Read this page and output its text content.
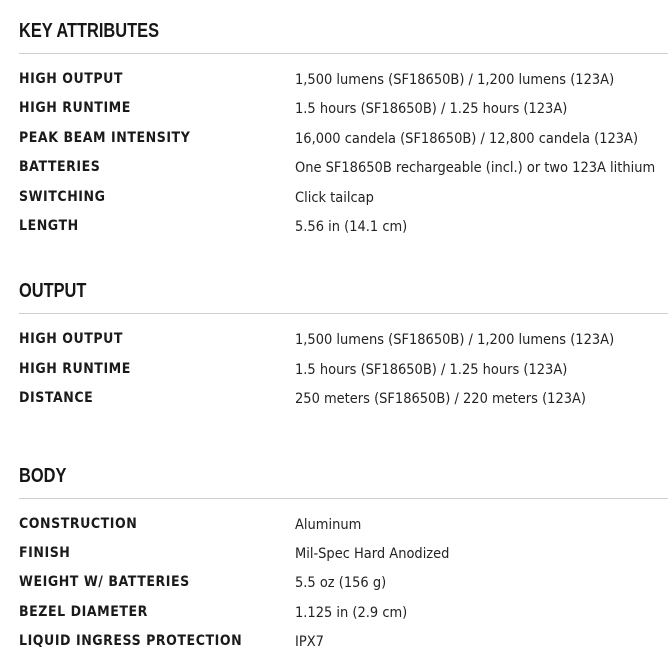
KEY ATTRIBUTES
HIGH OUTPUT	1,500 lumens (SF18650B) / 1,200 lumens (123A)
HIGH RUNTIME	1.5 hours (SF18650B) / 1.25 hours (123A)
PEAK BEAM INTENSITY	16,000 candela (SF18650B) / 12,800 candela (123A)
BATTERIES	One SF18650B rechargeable (incl.) or two 123A lithium
SWITCHING	Click tailcap
LENGTH	5.56 in (14.1 cm)
OUTPUT
HIGH OUTPUT	1,500 lumens (SF18650B) / 1,200 lumens (123A)
HIGH RUNTIME	1.5 hours (SF18650B) / 1.25 hours (123A)
DISTANCE	250 meters (SF18650B) / 220 meters (123A)
BODY
CONSTRUCTION	Aluminum
FINISH	Mil-Spec Hard Anodized
WEIGHT W/ BATTERIES	5.5 oz (156 g)
BEZEL DIAMETER	1.125 in (2.9 cm)
LIQUID INGRESS PROTECTION	IPX7
